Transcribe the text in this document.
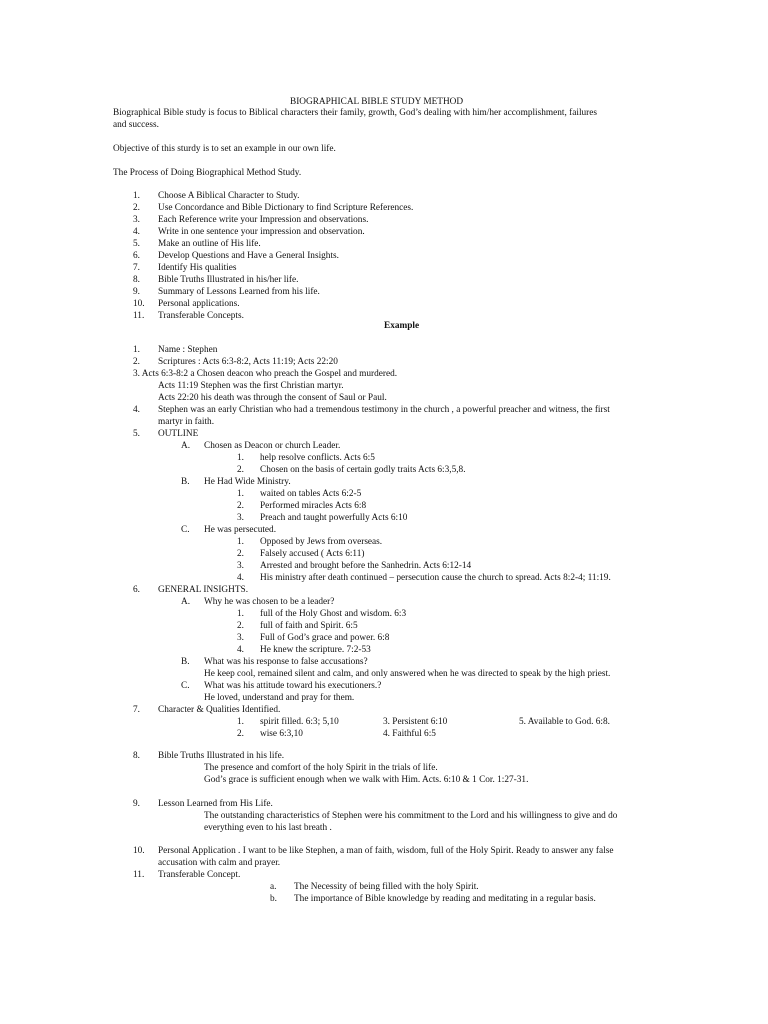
BIOGRAPHICAL BIBLE STUDY METHOD
Biographical Bible study is focus to Biblical characters their family, growth, God’s dealing with him/her accomplishment, failures
and success.
Objective of this sturdy is to set an example in our own life.
The Process of Doing Biographical Method Study.
1. Choose A Biblical Character to Study.
2. Use Concordance and Bible Dictionary to find Scripture References.
3. Each Reference write your Impression and observations.
4. Write in one sentence your impression and observation.
5. Make an outline of His life.
6. Develop Questions and Have a General Insights.
7. Identify His qualities
8. Bible Truths Illustrated in his/her life.
9. Summary of Lessons Learned from his life.
10. Personal applications.
11. Transferable Concepts.
Example
1. Name : Stephen
2. Scriptures : Acts 6:3-8:2, Acts 11:19; Acts 22:20
3. Acts 6:3-8:2 a Chosen deacon who preach the Gospel and murdered.
Acts 11:19 Stephen was the first Christian martyr.
Acts 22:20 his death was through the consent of Saul or Paul.
4. Stephen was an early Christian who had a tremendous testimony in the church , a powerful preacher and witness, the first
martyr in faith.
5. OUTLINE
A. Chosen as Deacon or church Leader.
1. help resolve conflicts. Acts 6:5
2. Chosen on the basis of certain godly traits Acts 6:3,5,8.
B. He Had Wide Ministry.
1. waited on tables Acts 6:2-5
2. Performed miracles Acts 6:8
3. Preach and taught powerfully Acts 6:10
C. He was persecuted.
1. Opposed by Jews from overseas.
2. Falsely accused ( Acts 6:11)
3. Arrested and brought before the Sanhedrin. Acts 6:12-14
4. His ministry after death continued – persecution cause the church to spread. Acts 8:2-4; 11:19.
6. GENERAL INSIGHTS.
A. Why he was chosen to be a leader?
1. full of the Holy Ghost and wisdom. 6:3
2. full of faith and Spirit. 6:5
3. Full of God’s grace and power. 6:8
4. He knew the scripture. 7:2-53
B. What was his response to false accusations?
He keep cool, remained silent and calm, and only answered when he was directed to speak by the high priest.
C. What was his attitude toward his executioners.?
He loved, understand and pray for them.
7. Character & Qualities Identified.
1. spirit filled. 6:3; 5,10	3. Persistent 6:10	5. Available to God. 6:8.
2. wise 6:3,10	4. Faithful 6:5
8. Bible Truths Illustrated in his life.
The presence and comfort of the holy Spirit in the trials of life.
God’s grace is sufficient enough when we walk with Him. Acts. 6:10 & 1 Cor. 1:27-31.
9. Lesson Learned from His Life.
The outstanding characteristics of Stephen were his commitment to the Lord and his willingness to give and do
everything even to his last breath .
10. Personal Application . I want to be like Stephen, a man of faith, wisdom, full of the Holy Spirit. Ready to answer any false
accusation with calm and prayer.
11. Transferable Concept.
a. The Necessity of being filled with the holy Spirit.
b. The importance of Bible knowledge by reading and meditating in a regular basis.
